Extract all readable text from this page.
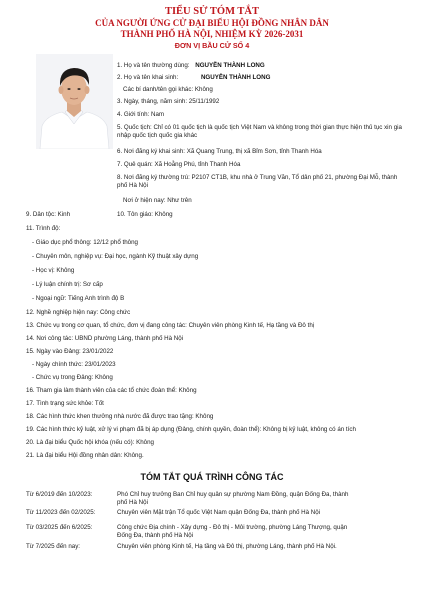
TIỂU SỬ TÓM TẮT
CỦA NGƯỜI ỨNG CỬ ĐẠI BIỂU HỘI ĐỒNG NHÂN DÂN
THÀNH PHỐ HÀ NỘI, NHIỆM KỲ 2026-2031
ĐƠN VỊ BẦU CỬ SỐ 4
1. Họ và tên thường dùng: NGUYỄN THÀNH LONG
2. Họ và tên khai sinh:	NGUYỄN THÀNH LONG
Các bí danh/tên gọi khác: Không
3. Ngày, tháng, năm sinh: 25/11/1992
4. Giới tính: Nam
5. Quốc tịch: Chỉ có 01 quốc tịch là quốc tịch Việt Nam và không trong thời gian thực hiện thủ tục xin gia nhập quốc tịch quốc gia khác
6. Nơi đăng ký khai sinh: Xã Quang Trung, thị xã Bỉm Sơn, tỉnh Thanh Hóa
7. Quê quán: Xã Hoằng Phú, tỉnh Thanh Hóa
8. Nơi đăng ký thường trú: P2107 CT1B, khu nhà ở Trung Văn, Tổ dân phố 21, phường Đại Mỗ, thành phố Hà Nội
Nơi ở hiện nay: Như trên
9. Dân tộc: Kinh	10. Tôn giáo: Không
11. Trình độ:
- Giáo dục phổ thông: 12/12 phổ thông
- Chuyên môn, nghiệp vụ: Đại học, ngành Kỹ thuật xây dựng
- Học vị: Không
- Lý luận chính trị: Sơ cấp
- Ngoại ngữ: Tiếng Anh trình độ B
12. Nghề nghiệp hiện nay: Công chức
13. Chức vụ trong cơ quan, tổ chức, đơn vị đang công tác: Chuyên viên phòng Kinh tế, Hạ tầng và Đô thị
14. Nơi công tác: UBND phường Láng, thành phố Hà Nội
15. Ngày vào Đảng: 23/01/2022
- Ngày chính thức: 23/01/2023
- Chức vụ trong Đảng: Không
16. Tham gia làm thành viên của các tổ chức đoàn thể: Không
17. Tình trạng sức khỏe: Tốt
18. Các hình thức khen thưởng nhà nước đã được trao tặng: Không
19. Các hình thức kỷ luật, xử lý vi phạm đã bị áp dụng (Đảng, chính quyền, đoàn thể): Không bị kỷ luật, không có án tích
20. Là đại biểu Quốc hội khóa (nếu có): Không
21. Là đại biểu Hội đồng nhân dân: Không.
TÓM TẮT QUÁ TRÌNH CÔNG TÁC
Từ 6/2019 đến 10/2023:	Phó Chỉ huy trưởng Ban Chỉ huy quân sự phường Nam Đồng, quận Đống Đa, thành phố Hà Nội
Từ 11/2023 đến 02/2025:	Chuyên viên Mặt trận Tổ quốc Việt Nam quận Đống Đa, thành phố Hà Nội
Từ 03/2025 đến 6/2025:	Công chức Địa chính - Xây dựng - Đô thị - Môi trường, phường Láng Thượng, quận Đống Đa, thành phố Hà Nội
Từ 7/2025 đến nay:	Chuyên viên phòng Kinh tế, Hạ tầng và Đô thị, phường Láng, thành phố Hà Nội.
